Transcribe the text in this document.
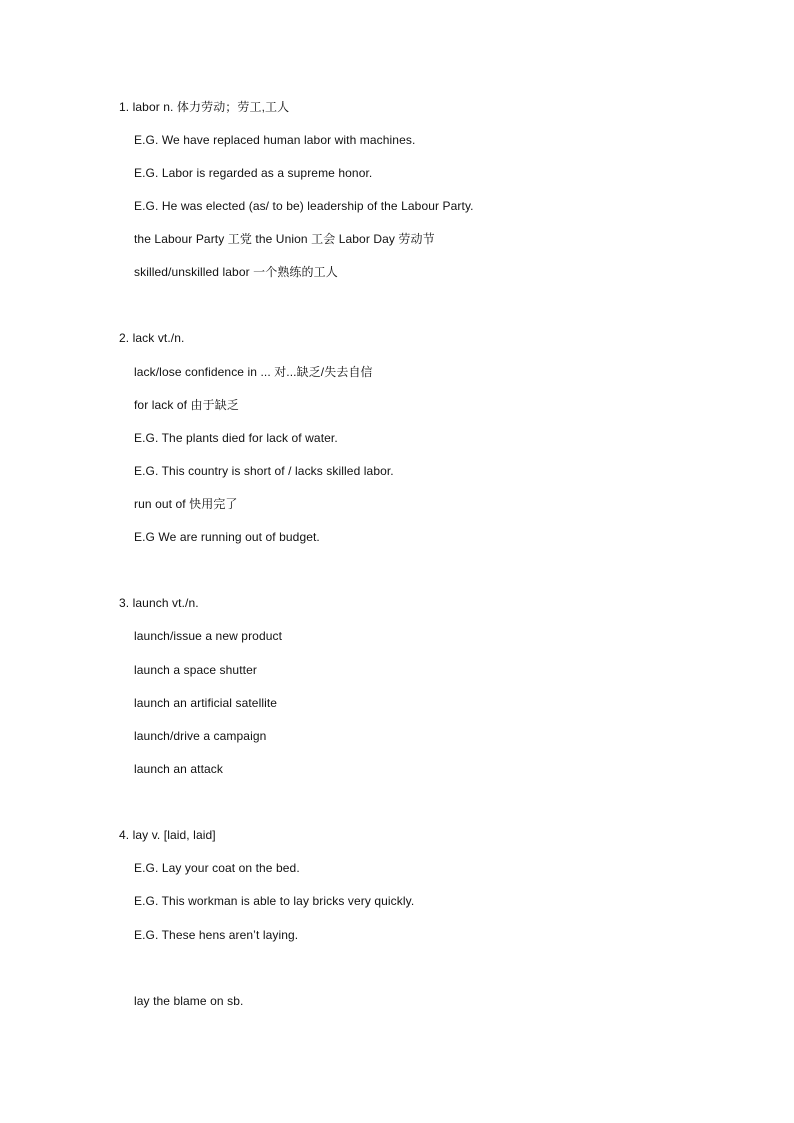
1. labor n. 体力劳动；劳工,工人
E.G. We have replaced human labor with machines.
E.G. Labor is regarded as a supreme honor.
E.G. He was elected (as/ to be) leadership of the Labour Party.
the Labour Party 工党 the Union 工会 Labor Day 劳动节
skilled/unskilled labor 一个熟练的工人
2. lack vt./n.
lack/lose confidence in ... 对...缺乏/失去自信
for lack of 由于缺乏
E.G. The plants died for lack of water.
E.G. This country is short of / lacks skilled labor.
run out of 快用完了
E.G We are running out of budget.
3. launch vt./n.
launch/issue a new product
launch a space shutter
launch an artificial satellite
launch/drive a campaign
launch an attack
4. lay v. [laid, laid]
E.G. Lay your coat on the bed.
E.G. This workman is able to lay bricks very quickly.
E.G. These hens aren’t laying.
lay the blame on sb.
